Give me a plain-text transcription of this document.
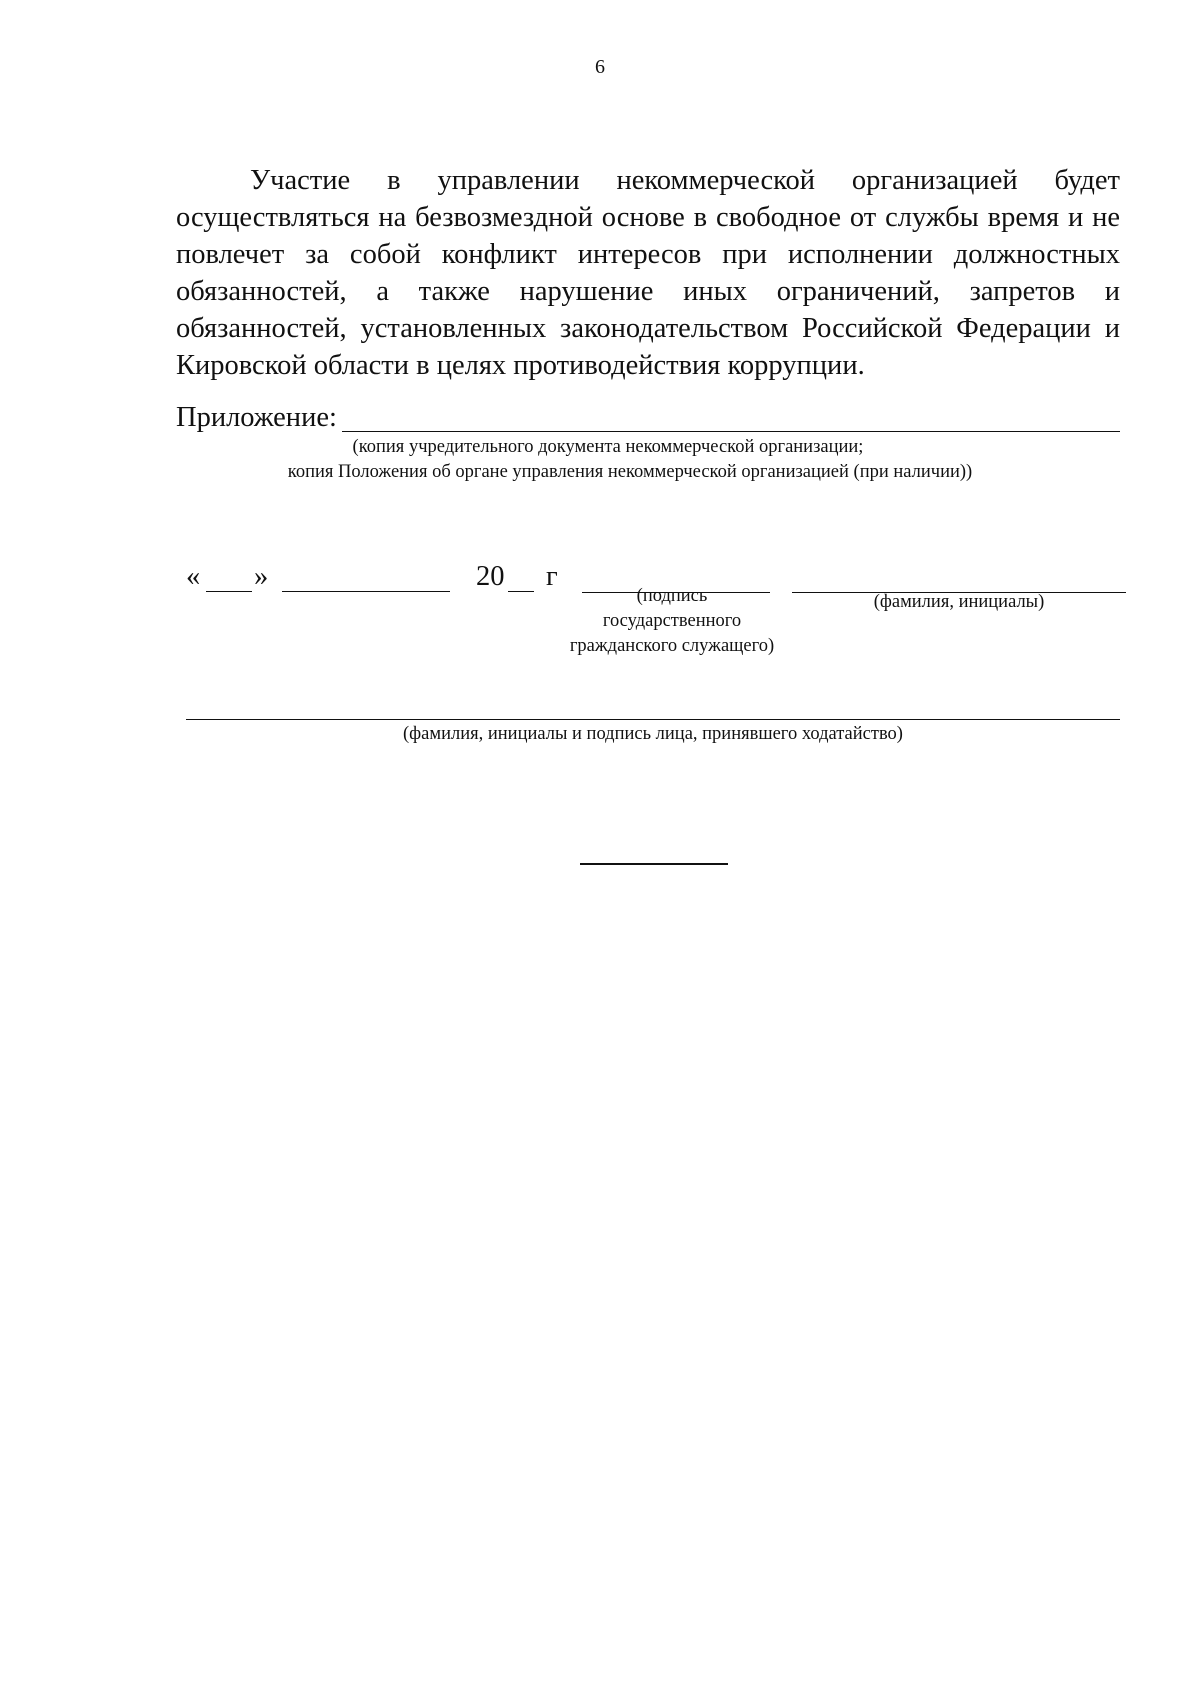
6

Участие в управлении некоммерческой организацией будет осуществляться на безвозмездной основе в свободное от службы время и не повлечет за собой конфликт интересов при исполнении должностных обязанностей, а также нарушение иных ограничений, запретов и обязанностей, установленных законодательством Российской Федерации и Кировской области в целях противодействия коррупции.

Приложение:
(копия учредительного документа некоммерческой организации;
копия Положения об органе управления некоммерческой организацией (при наличии))
« »	20 г
(подпись
государственного
гражданского служащего)
(фамилия, инициалы)
(фамилия, инициалы и подпись лица, принявшего ходатайство)
